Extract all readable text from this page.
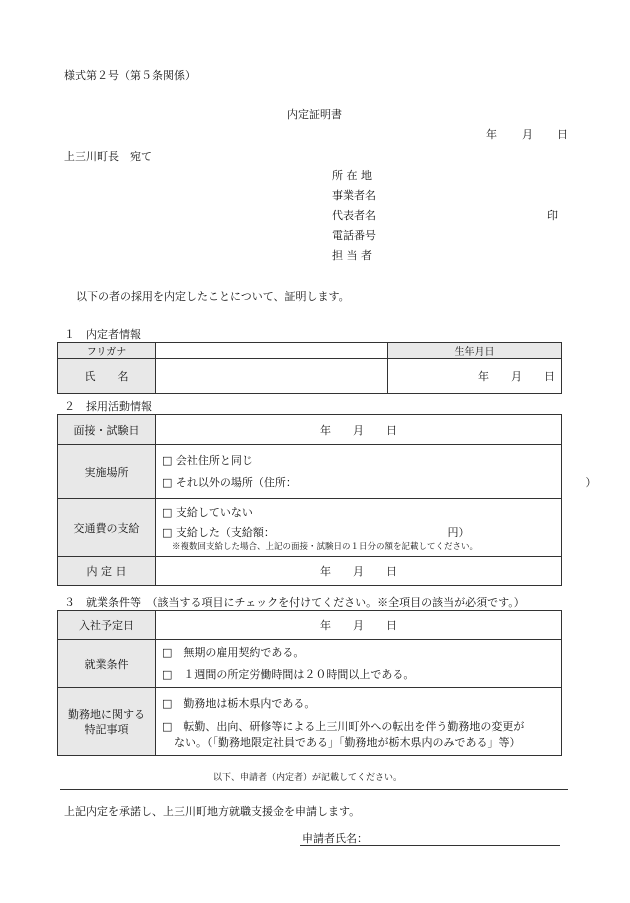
様式第２号（第５条関係）
内定証明書
年 月 日
上三川町長　宛て
所 在 地
事業者名
代表者名	印
電話番号
担 当 者
以下の者の採用を内定したことについて、証明します。
１　内定者情報
フリガナ		生年月日
氏　　名		年 月 日
２　採用活動情報
面接・試験日	年 月 日
実施場所	□ 会社住所と同じ
□ それ以外の場所（住所： ）

交通費の支給	□ 支給していない
□ 支給した（支給額： 円）
※複数回支給した場合、上記の面接・試験日の１日分の額を記載してください。

内 定 日	年 月 日
３　就業条件等　（該当する項目にチェックを付けてください。※全項目の該当が必須です。）
入社予定日	年 月 日
就業条件	□　無期の雇用契約である。
□　１週間の所定労働時間は２０時間以上である。

勤務地に関する
特記事項	□　勤務地は栃木県内である。
□　転勤、出向、研修等による上三川町外への転出を伴う勤務地の変更が
ない。（「勤務地限定社員である」「勤務地が栃木県内のみである」等）
以下、申請者（内定者）が記載してください。
上記内定を承諾し、上三川町地方就職支援金を申請します。
申請者氏名：
